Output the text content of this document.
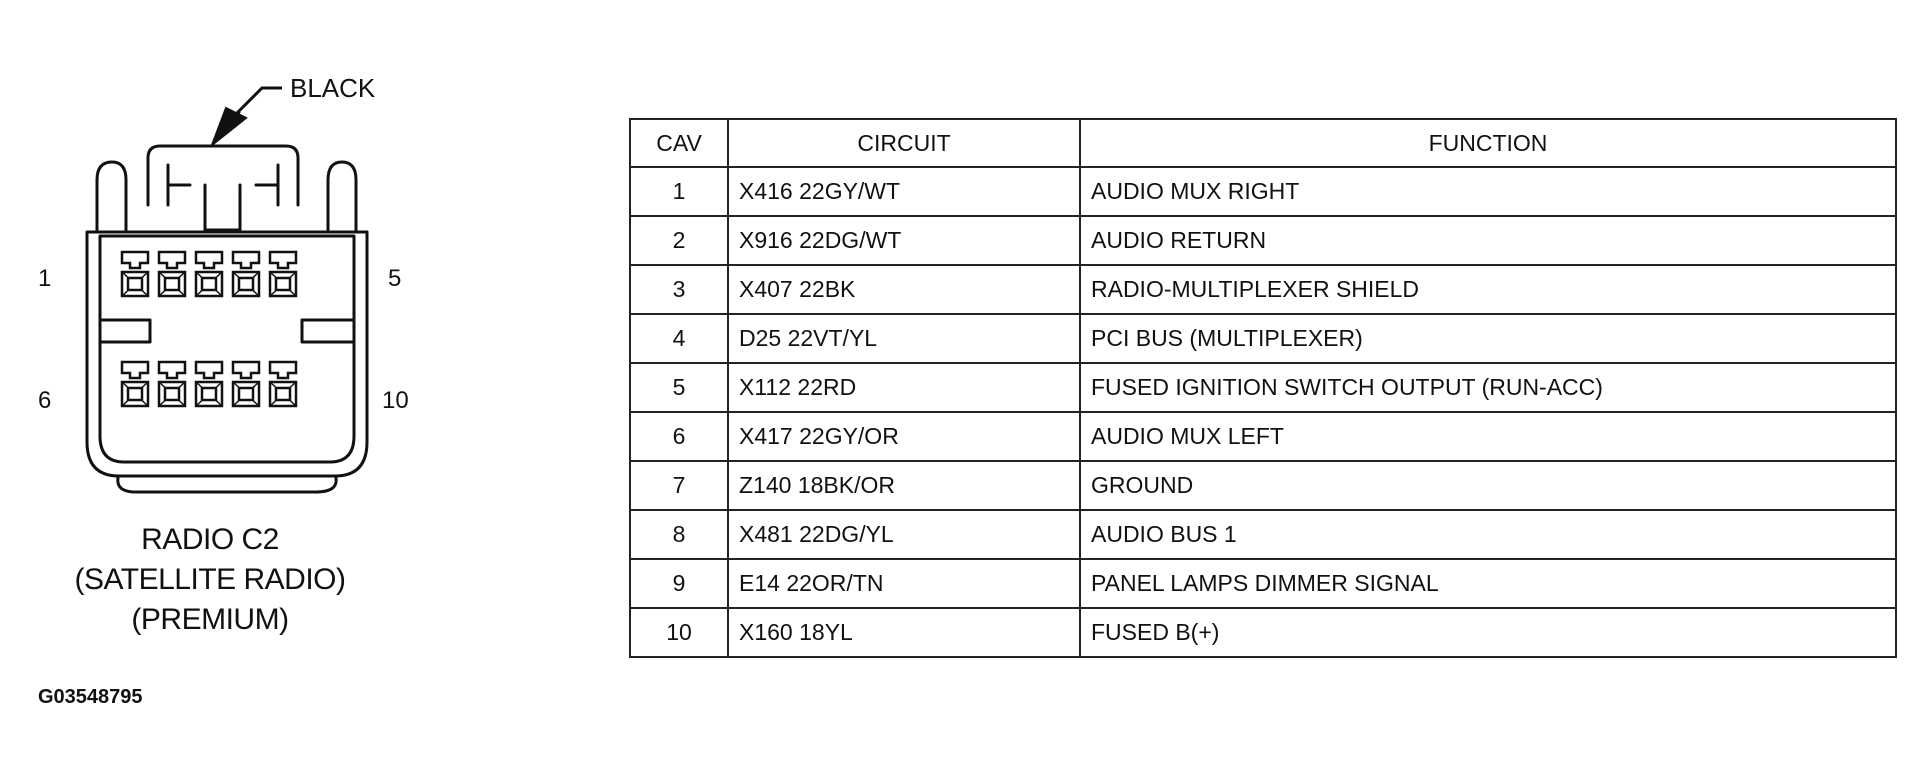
BLACK
1	5
6	10
RADIO C2
(SATELLITE RADIO)
(PREMIUM)
G03548795
CAV	CIRCUIT	FUNCTION
1	X416 22GY/WT	AUDIO MUX RIGHT
2	X916 22DG/WT	AUDIO RETURN
3	X407 22BK	RADIO-MULTIPLEXER SHIELD
4	D25 22VT/YL	PCI BUS (MULTIPLEXER)
5	X112 22RD	FUSED IGNITION SWITCH OUTPUT (RUN-ACC)
6	X417 22GY/OR	AUDIO MUX LEFT
7	Z140 18BK/OR	GROUND
8	X481 22DG/YL	AUDIO BUS 1
9	E14 22OR/TN	PANEL LAMPS DIMMER SIGNAL
10	X160 18YL	FUSED B(+)
